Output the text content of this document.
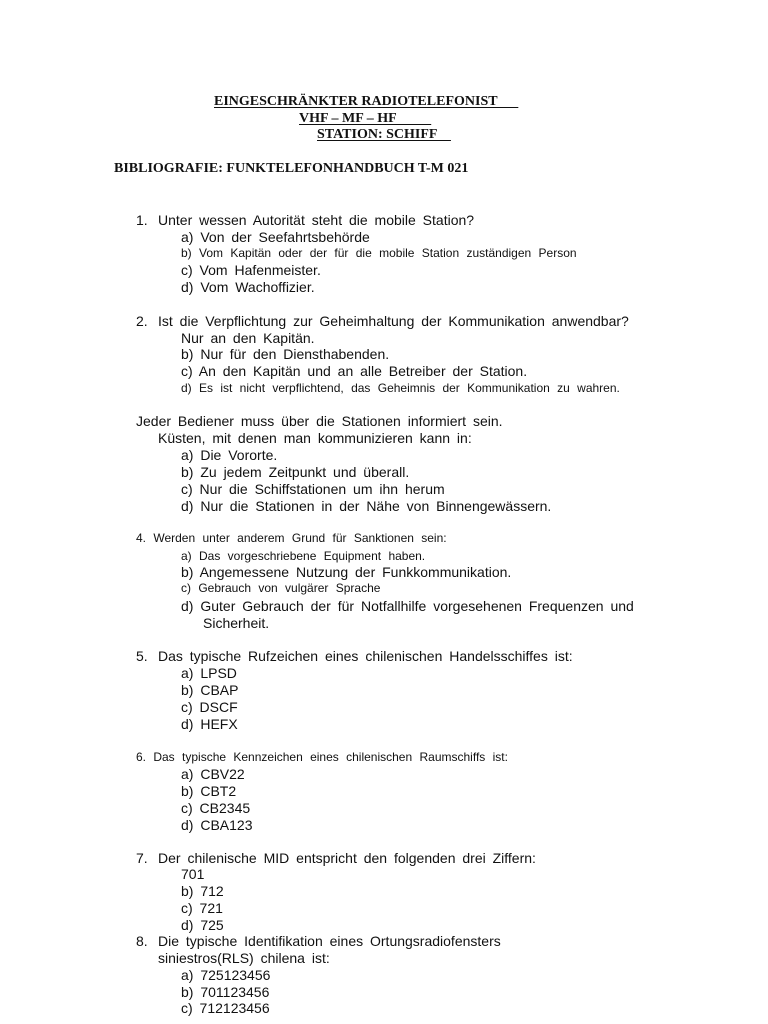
EINGESCHRÄNKTER RADIOTELEFONIST
VHF – MF – HF
STATION: SCHIFF
BIBLIOGRAFIE: FUNKTELEFONHANDBUCH T-M 021
1. Unter wessen Autorität steht die mobile Station?
a) Von der Seefahrtsbehörde
b) Vom Kapitän oder der für die mobile Station zuständigen Person
c) Vom Hafenmeister.
d) Vom Wachoffizier.
2. Ist die Verpflichtung zur Geheimhaltung der Kommunikation anwendbar?
Nur an den Kapitän.
b) Nur für den Diensthabenden.
c) An den Kapitän und an alle Betreiber der Station.
d) Es ist nicht verpflichtend, das Geheimnis der Kommunikation zu wahren.
Jeder Bediener muss über die Stationen informiert sein.
Küsten, mit denen man kommunizieren kann in:
a) Die Vororte.
b) Zu jedem Zeitpunkt und überall.
c) Nur die Schiffstationen um ihn herum
d) Nur die Stationen in der Nähe von Binnengewässern.
4. Werden unter anderem Grund für Sanktionen sein:
a) Das vorgeschriebene Equipment haben.
b) Angemessene Nutzung der Funkkommunikation.
c) Gebrauch von vulgärer Sprache
d) Guter Gebrauch der für Notfallhilfe vorgesehenen Frequenzen und
Sicherheit.
5. Das typische Rufzeichen eines chilenischen Handelsschiffes ist:
a) LPSD
b) CBAP
c) DSCF
d) HEFX
6. Das typische Kennzeichen eines chilenischen Raumschiffs ist:
a) CBV22
b) CBT2
c) CB2345
d) CBA123
7. Der chilenische MID entspricht den folgenden drei Ziffern:
701
b) 712
c) 721
d) 725
8. Die typische Identifikation eines Ortungsradiofensters
siniestros(RLS) chilena ist:
a) 725123456
b) 701123456
c) 712123456
